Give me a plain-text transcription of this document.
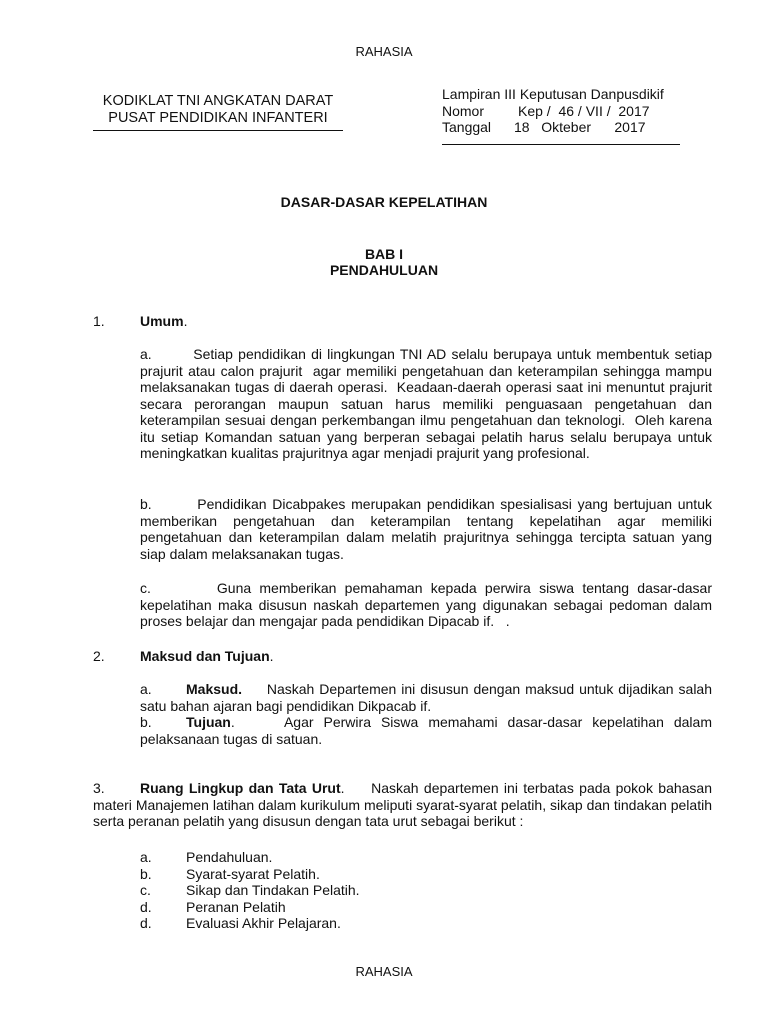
RAHASIA
KODIKLAT TNI ANGKATAN DARAT
PUSAT PENDIDIKAN INFANTERI
Lampiran III Keputusan Danpusdikif
Nomor Kep /  46 / VII /  2017
Tanggal 18   Okteber      2017
DASAR-DASAR KEPELATIHAN
BAB I
PENDAHULUAN
1.	Umum.
a.        Setiap pendidikan di lingkungan TNI AD selalu berupaya untuk membentuk setiap prajurit atau calon prajurit  agar memiliki pengetahuan dan keterampilan sehingga mampu melaksanakan tugas di daerah operasi.  Keadaan-daerah operasi saat ini menuntut prajurit secara perorangan maupun satuan harus memiliki penguasaan pengetahuan dan keterampilan sesuai dengan perkembangan ilmu pengetahuan dan teknologi.  Oleh karena itu setiap Komandan satuan yang berperan sebagai pelatih harus selalu berupaya untuk meningkatkan kualitas prajuritnya agar menjadi prajurit yang profesional.
b.        Pendidikan Dicabpakes merupakan pendidikan spesialisasi yang bertujuan untuk memberikan pengetahuan dan keterampilan tentang kepelatihan agar memiliki pengetahuan dan keterampilan dalam melatih prajuritnya sehingga tercipta satuan yang siap dalam melaksanakan tugas.
c.        Guna memberikan pemahaman kepada perwira siswa tentang dasar-dasar kepelatihan maka disusun naskah departemen yang digunakan sebagai pedoman dalam proses belajar dan mengajar pada pendidikan Dipacab if.   .
2.	Maksud dan Tujuan.
a. Maksud. Naskah Departemen ini disusun dengan maksud untuk dijadikan salah satu bahan ajaran bagi pendidikan Dikpacab if.
b. Tujuan.	Agar Perwira Siswa memahami dasar-dasar kepelatihan dalam pelaksanaan tugas di satuan.
3.	Ruang Lingkup dan Tata Urut. Naskah departemen ini terbatas pada pokok bahasan materi Manajemen latihan dalam kurikulum meliputi syarat-syarat pelatih, sikap dan tindakan pelatih serta peranan pelatih yang disusun dengan tata urut sebagai berikut :
a. Pendahuluan.
b. Syarat-syarat Pelatih.
c.	Sikap dan Tindakan Pelatih.
d. Peranan Pelatih
d. Evaluasi Akhir Pelajaran.
RAHASIA
